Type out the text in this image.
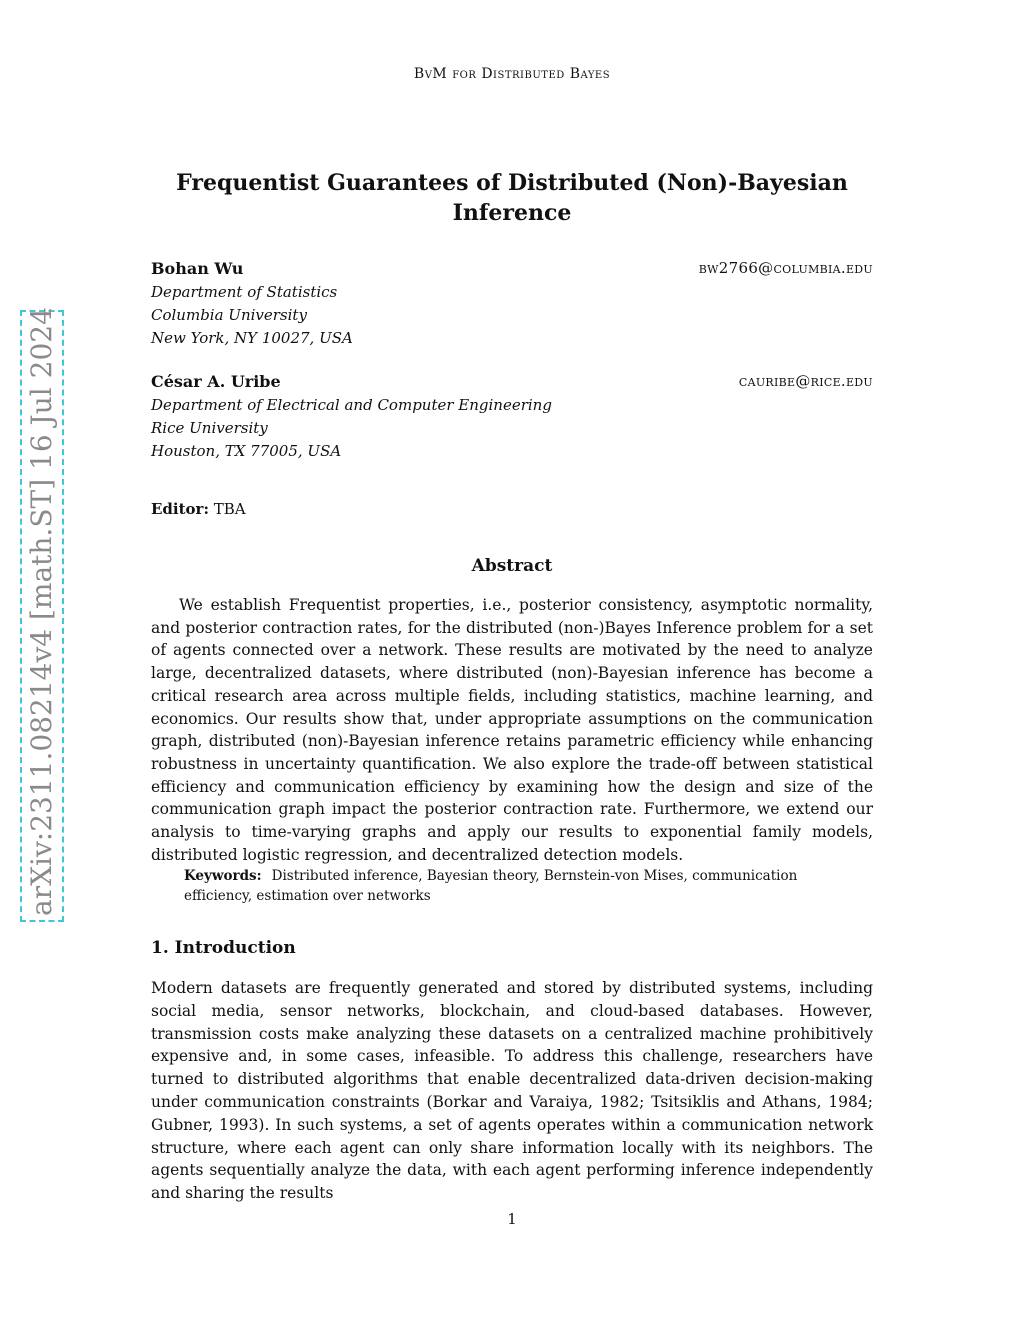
BvM for Distributed Bayes
Frequentist Guarantees of Distributed (Non)-Bayesian Inference
Bohan Wu	bw2766@columbia.edu
Department of Statistics
Columbia University
New York, NY 10027, USA
César A. Uribe	cauribe@rice.edu
Department of Electrical and Computer Engineering
Rice University
Houston, TX 77005, USA
Editor: TBA
Abstract
We establish Frequentist properties, i.e., posterior consistency, asymptotic normality, and posterior contraction rates, for the distributed (non-)Bayes Inference problem for a set of agents connected over a network. These results are motivated by the need to analyze large, decentralized datasets, where distributed (non)-Bayesian inference has become a critical research area across multiple fields, including statistics, machine learning, and economics. Our results show that, under appropriate assumptions on the communication graph, distributed (non)-Bayesian inference retains parametric efficiency while enhancing robustness in uncertainty quantification. We also explore the trade-off between statistical efficiency and communication efficiency by examining how the design and size of the communication graph impact the posterior contraction rate. Furthermore, we extend our analysis to time-varying graphs and apply our results to exponential family models, distributed logistic regression, and decentralized detection models.
Keywords: Distributed inference, Bayesian theory, Bernstein-von Mises, communication efficiency, estimation over networks
1. Introduction
Modern datasets are frequently generated and stored by distributed systems, including social media, sensor networks, blockchain, and cloud-based databases. However, transmission costs make analyzing these datasets on a centralized machine prohibitively expensive and, in some cases, infeasible. To address this challenge, researchers have turned to distributed algorithms that enable decentralized data-driven decision-making under communication constraints (Borkar and Varaiya, 1982; Tsitsiklis and Athans, 1984; Gubner, 1993). In such systems, a set of agents operates within a communication network structure, where each agent can only share information locally with its neighbors. The agents sequentially analyze the data, with each agent performing inference independently and sharing the results
1
arXiv:2311.08214v4 [math.ST] 16 Jul 2024
